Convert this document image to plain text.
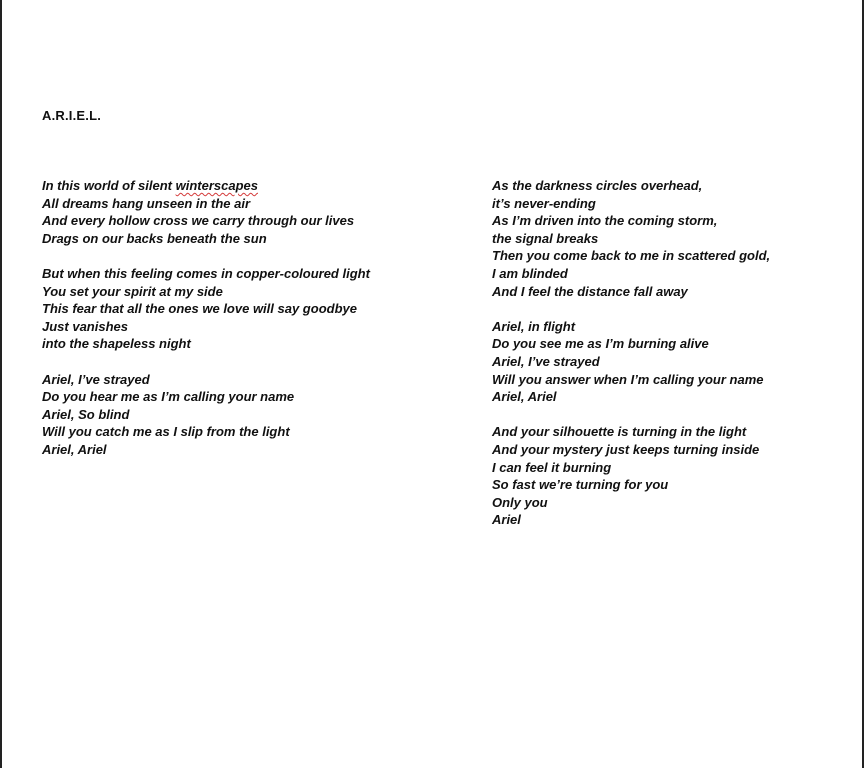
A.R.I.E.L.
In this world of silent winterscapes
All dreams hang unseen in the air
And every hollow cross we carry through our lives
Drags on our backs beneath the sun
But when this feeling comes in copper-coloured light
You set your spirit at my side
This fear that all the ones we love will say goodbye
Just vanishes
into the shapeless night
Ariel, I’ve strayed
Do you hear me as I’m calling your name
Ariel, So blind
Will you catch me as I slip from the light
Ariel, Ariel
As the darkness circles overhead,
it’s never-ending
As I’m driven into the coming storm,
the signal breaks
Then you come back to me in scattered gold,
I am blinded
And I feel the distance fall away
Ariel, in flight
Do you see me as I’m burning alive
Ariel, I’ve strayed
Will you answer when I’m calling your name
Ariel, Ariel
And your silhouette is turning in the light
And your mystery just keeps turning inside
I can feel it burning
So fast we’re turning for you
Only you
Ariel
